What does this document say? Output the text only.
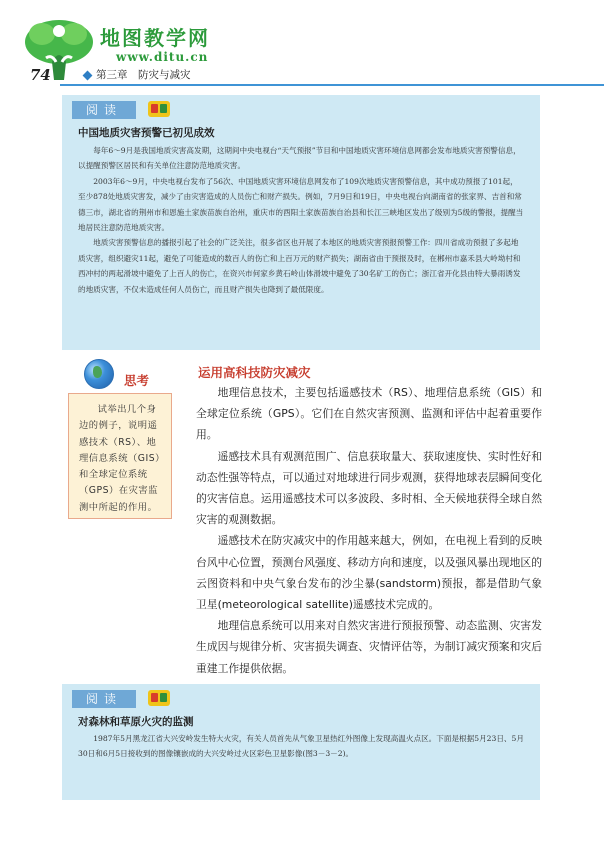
地图教学网
www.ditu.cn
74	第三章　防灾与减灾
阅读
中国地质灾害预警已初见成效

每年6～9月是我国地质灾害高发期，这期间中央电视台“天气预报”节目和中国地质灾害环境信息网都会发布地质灾害预警信息，以提醒预警区居民和有关单位注意防范地质灾害。

2003年6～9月，中央电视台发布了56次、中国地质灾害环境信息网发布了109次地质灾害预警信息，其中成功预报了101起，至少878处地质灾害发，减少了由灾害造成的人员伤亡和财产损失。例如，7月9日和19日，中央电视台向湖南省的张家界、吉首和常德三市，湖北省的荆州市和恩施土家族苗族自治州，重庆市的酉阳土家族苗族自治县和长江三峡地区发出了级别为5级的警报，提醒当地居民注意防范地质灾害。

地质灾害预警信息的播报引起了社会的广泛关注，很多省区也开展了本地区的地质灾害预报预警工作：四川省成功预报了多起地质灾害，组织避灾11起，避免了可能造成的数百人的伤亡和上百万元的财产损失；湖南省由于预报及时，在郴州市嘉禾县大岭坳村和西冲村的两起滑坡中避免了上百人的伤亡，在资兴市何家乡黄石岭山体滑坡中避免了30名矿工的伤亡；浙江省开化县由特大暴雨诱发的地质灾害，不仅未造成任何人员伤亡，而且财产损失也降到了最低限度。

思考

试举出几个身边的例子，说明遥感技术（RS）、地理信息系统（GIS）和全球定位系统（GPS）在灾害监测中所起的作用。

运用高科技防灾减灾

地理信息技术，主要包括遥感技术（RS）、地理信息系统（GIS）和全球定位系统（GPS）。它们在自然灾害预测、监测和评估中起着重要作用。

遥感技术具有观测范围广、信息获取量大、获取速度快、实时性好和动态性强等特点，可以通过对地球进行同步观测，获得地球表层瞬间变化的灾害信息。运用遥感技术可以多波段、多时相、全天候地获得全球自然灾害的观测数据。

遥感技术在防灾减灾中的作用越来越大，例如，在电视上看到的反映台风中心位置，预测台风强度、移动方向和速度，以及强风暴出现地区的云图资料和中央气象台发布的沙尘暴(sandstorm)预报，都是借助气象卫星(meteorological satellite)遥感技术完成的。

地理信息系统可以用来对自然灾害进行预报预警、动态监测、灾害发生成因与规律分析、灾害损失调查、灾情评估等，为制订减灾预案和灾后重建工作提供依据。

阅读
对森林和草原火灾的监测

1987年5月黑龙江省大兴安岭发生特大火灾，有关人员首先从气象卫星热红外图像上发现高温火点区。下面是根据5月23日、5月30日和6月5日接收到的图像镶嵌成的大兴安岭过火区彩色卫星影像(图3－3－2)。
